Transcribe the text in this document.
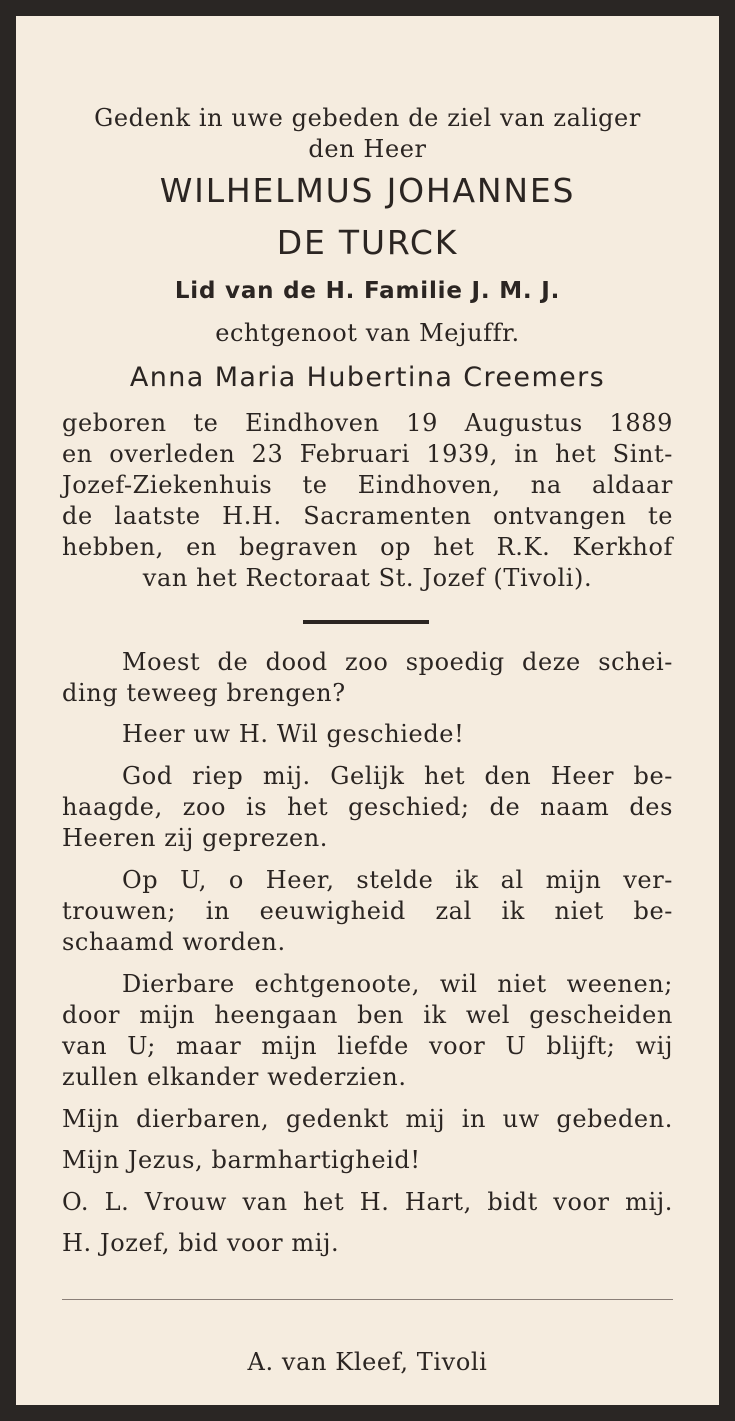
Gedenk in uwe gebeden de ziel van zaliger
den Heer
WILHELMUS JOHANNES
DE TURCK
Lid van de H. Familie J. M. J.
echtgenoot van Mejuffr.
Anna Maria Hubertina Creemers
geboren te Eindhoven 19 Augustus 1889
en overleden 23 Februari 1939, in het Sint-
Jozef-Ziekenhuis te Eindhoven, na aldaar
de laatste H.H. Sacramenten ontvangen te
hebben, en begraven op het R.K. Kerkhof
van het Rectoraat St. Jozef (Tivoli).
Moest de dood zoo spoedig deze schei-
ding teweeg brengen?
Heer uw H. Wil geschiede!
God riep mij. Gelijk het den Heer be-
haagde, zoo is het geschied; de naam des
Heeren zij geprezen.
Op U, o Heer, stelde ik al mijn ver-
trouwen; in eeuwigheid zal ik niet be-
schaamd worden.
Dierbare echtgenoote, wil niet weenen;
door mijn heengaan ben ik wel gescheiden
van U; maar mijn liefde voor U blijft; wij
zullen elkander wederzien.
Mijn dierbaren, gedenkt mij in uw gebeden.
Mijn Jezus, barmhartigheid!
O. L. Vrouw van het H. Hart, bidt voor mij.
H. Jozef, bid voor mij.
A. van Kleef, Tivoli
